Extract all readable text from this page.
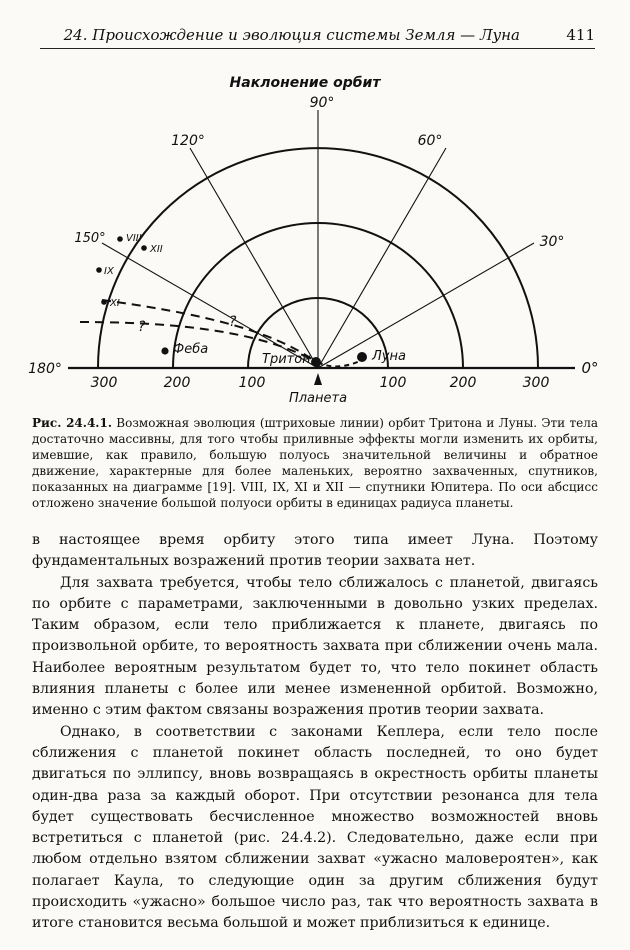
24. Происхождение и эволюция системы Земля — Луна	411
Наклонение орбит
90°
120°	60°
150°	30°
180°	0°
300	200	100	100	200	300
Планета
Тритон	Луна
Феба
VIII
XII
IX
XI
?
?
Рис. 24.4.1. Возможная эволюция (штриховые линии) орбит Тритона и Луны. Эти тела достаточно массивны, для того чтобы приливные эффекты могли изменить их орбиты, имевшие, как правило, большую полуось значительной величины и обратное движение, характерные для более маленьких, вероятно захваченных, спутников, показанных на диаграмме [19]. VIII, IX, XI и XII — спутники Юпитера. По оси абсцисс отложено значение большой полуоси орбиты в единицах радиуса планеты.

в настоящее время орбиту этого типа имеет Луна. Поэтому фундаментальных возражений против теории захвата нет.

Для захвата требуется, чтобы тело сближалось с планетой, двигаясь по орбите с параметрами, заключенными в довольно узких пределах. Таким образом, если тело приближается к планете, двигаясь по произвольной орбите, то вероятность захвата при сближении очень мала. Наиболее вероятным результатом будет то, что тело покинет область влияния планеты с более или менее измененной орбитой. Возможно, именно с этим фактом связаны возражения против теории захвата.

Однако, в соответствии с законами Кеплера, если тело после сближения с планетой покинет область последней, то оно будет двигаться по эллипсу, вновь возвращаясь в окрестность орбиты планеты один-два раза за каждый оборот. При отсутствии резонанса для тела будет существовать бесчисленное множество возможностей вновь встретиться с планетой (рис. 24.4.2). Следовательно, даже если при любом отдельно взятом сближении захват «ужасно маловероятен», как полагает Каула, то следующие один за другим сближения будут происходить «ужасно» большое число раз, так что вероятность захвата в итоге становится весьма большой и может приблизиться к единице.
